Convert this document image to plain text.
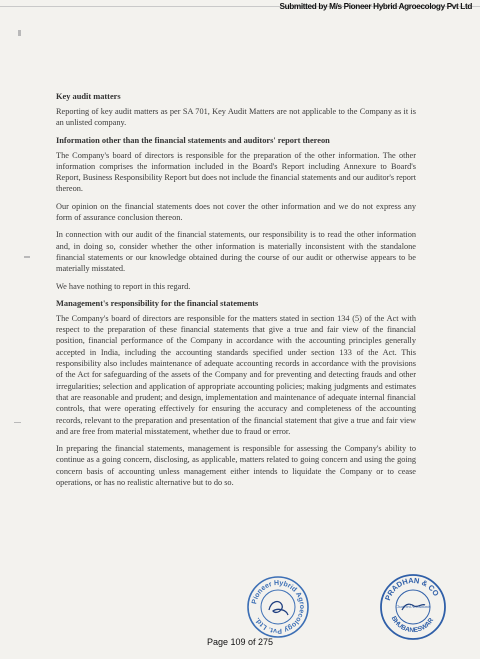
Submitted by M/s Pioneer Hybrid Agroecology Pvt Ltd
Key audit matters

Reporting of key audit matters as per SA 701, Key Audit Matters are not applicable to the Company as it is an unlisted company.

Information other than the financial statements and auditors' report thereon

The Company's board of directors is responsible for the preparation of the other information. The other information comprises the information included in the Board's Report including Annexure to Board's Report, Business Responsibility Report but does not include the financial statements and our auditor's report thereon.

Our opinion on the financial statements does not cover the other information and we do not express any form of assurance conclusion thereon.

In connection with our audit of the financial statements, our responsibility is to read the other information and, in doing so, consider whether the other information is materially inconsistent with the standalone financial statements or our knowledge obtained during the course of our audit or otherwise appears to be materially misstated.

We have nothing to report in this regard.

Management's responsibility for the financial statements

The Company's board of directors are responsible for the matters stated in section 134 (5) of the Act with respect to the preparation of these financial statements that give a true and fair view of the financial position, financial performance of the Company in accordance with the accounting principles generally accepted in India, including the accounting standards specified under section 133 of the Act. This responsibility also includes maintenance of adequate accounting records in accordance with the provisions of the Act for safeguarding of the assets of the Company and for preventing and detecting frauds and other irregularities; selection and application of appropriate accounting policies; making judgments and estimates that are reasonable and prudent; and design, implementation and maintenance of adequate internal financial controls, that were operating effectively for ensuring the accuracy and completeness of the accounting records, relevant to the preparation and presentation of the financial statement that give a true and fair view and are free from material misstatement, whether due to fraud or error.

In preparing the financial statements, management is responsible for assessing the Company's ability to continue as a going concern, disclosing, as applicable, matters related to going concern and using the going concern basis of accounting unless management either intends to liquidate the Company or to cease operations, or has no realistic alternative but to do so.

Pioneer Hybrid Agroecology Pvt. Ltd.
PRADHAN & CO
BHUBANESWAR
Chartered Accountants
Page 109 of 275
